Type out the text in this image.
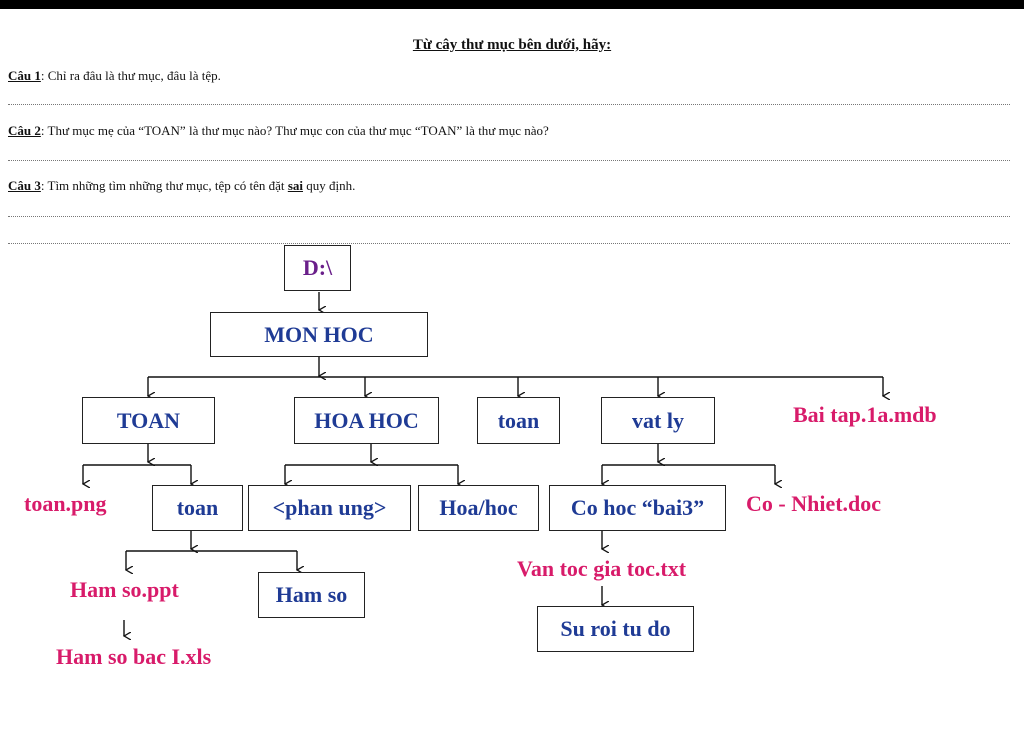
Từ cây thư mục bên dưới, hãy:
Câu 1: Chỉ ra đâu là thư mục, đâu là tệp.
Câu 2: Thư mục mẹ của “TOAN” là thư mục nào? Thư mục con của thư mục “TOAN” là thư mục nào?
Câu 3: Tìm những tìm những thư mục, tệp có tên đặt sai quy định.
D:\
MON HOC
TOAN	HOA HOC	toan	vat ly	Bai tap.1a.mdb
toan.png	toan	<phan ung>	Hoa/hoc	Co hoc “bai3”	Co - Nhiet.doc
Ham so.ppt	Ham so
Van toc gia toc.txt
Su roi tu do
Ham so bac I.xls
